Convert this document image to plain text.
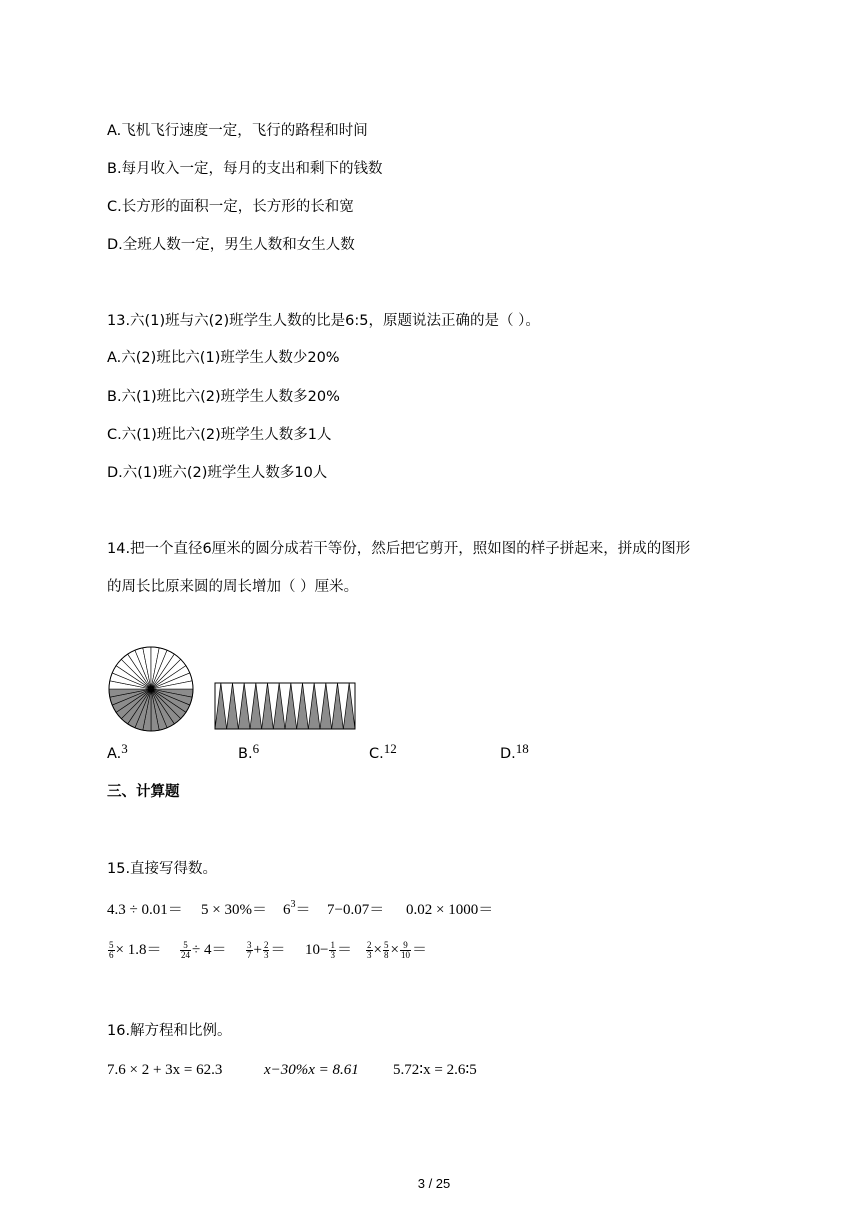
A.飞机飞行速度一定，飞行的路程和时间
B.每月收入一定，每月的支出和剩下的钱数
C.长方形的面积一定，长方形的长和宽
D.全班人数一定，男生人数和女生人数
13.六(1)班与六(2)班学生人数的比是6:5，原题说法正确的是（ ）。
A.六(2)班比六(1)班学生人数少20%
B.六(1)班比六(2)班学生人数多20%
C.六(1)班比六(2)班学生人数多1人
D.六(1)班六(2)班学生人数多10人
14.把一个直径6厘米的圆分成若干等份，然后把它剪开，照如图的样子拼起来，拼成的图形
的周长比原来圆的周长增加（ ）厘米。
A.3	B.6	C.12	D.18
三、计算题
15.直接写得数。
$4.3 \div 0.01= 5 \times 30\%= 6^3= 7-0.07= 0.02 \times 1000=$
$\frac{5}{6} \times 1.8= \frac{5}{24} \div 4= \frac{3}{7} + \frac{2}{3} = 10- \frac{1}{3} = \frac{2}{3} \times \frac{5}{8} \times \frac{9}{10}$ ＝
16.解方程和比例。
7.6 × 2 + 3x = 62.3	x−30%x = 8.61 5.72∶x = 2.6∶5
3 / 25
